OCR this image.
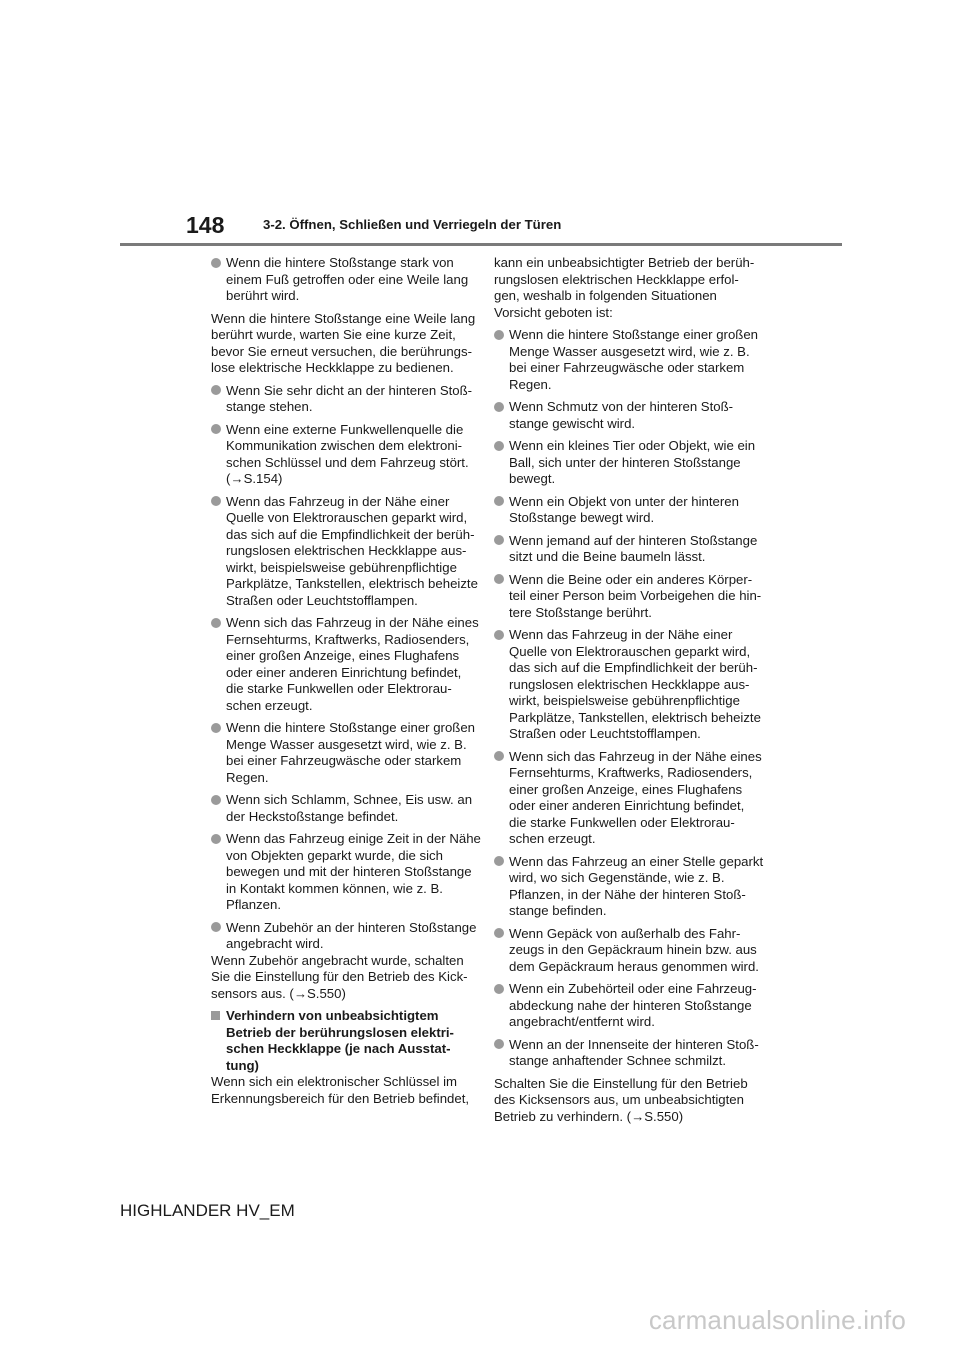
148	3-2. Öffnen, Schließen und Verriegeln der Türen

Wenn die hintere Stoßstange stark von einem Fuß getroffen oder eine Weile lang berührt wird.

Wenn die hintere Stoßstange eine Weile lang berührt wurde, warten Sie eine kurze Zeit, bevor Sie erneut versuchen, die berührungs-lose elektrische Heckklappe zu bedienen.

Wenn Sie sehr dicht an der hinteren Stoß-stange stehen.

Wenn eine externe Funkwellenquelle die Kommunikation zwischen dem elektroni-schen Schlüssel und dem Fahrzeug stört. (→S.154)

Wenn das Fahrzeug in der Nähe einer Quelle von Elektrorauschen geparkt wird, das sich auf die Empfindlichkeit der berüh-rungslosen elektrischen Heckklappe aus-wirkt, beispielsweise gebührenpflichtige Parkplätze, Tankstellen, elektrisch beheizte Straßen oder Leuchtstofflampen.

Wenn sich das Fahrzeug in der Nähe eines Fernsehturms, Kraftwerks, Radiosenders, einer großen Anzeige, eines Flughafens oder einer anderen Einrichtung befindet, die starke Funkwellen oder Elektrorau-schen erzeugt.

Wenn die hintere Stoßstange einer großen Menge Wasser ausgesetzt wird, wie z. B. bei einer Fahrzeugwäsche oder starkem Regen.

Wenn sich Schlamm, Schnee, Eis usw. an der Heckstoßstange befindet.

Wenn das Fahrzeug einige Zeit in der Nähe von Objekten geparkt wurde, die sich bewegen und mit der hinteren Stoßstange in Kontakt kommen können, wie z. B. Pflanzen.

Wenn Zubehör an der hinteren Stoßstange angebracht wird.

Wenn Zubehör angebracht wurde, schalten Sie die Einstellung für den Betrieb des Kick-sensors aus. (→S.550)

Verhindern von unbeabsichtigtem Betrieb der berührungslosen elektri-schen Heckklappe (je nach Ausstat-tung)

Wenn sich ein elektronischer Schlüssel im Erkennungsbereich für den Betrieb befindet,

kann ein unbeabsichtigter Betrieb der berüh-rungslosen elektrischen Heckklappe erfol-gen, weshalb in folgenden Situationen Vorsicht geboten ist:

Wenn die hintere Stoßstange einer großen Menge Wasser ausgesetzt wird, wie z. B. bei einer Fahrzeugwäsche oder starkem Regen.

Wenn Schmutz von der hinteren Stoß-stange gewischt wird.

Wenn ein kleines Tier oder Objekt, wie ein Ball, sich unter der hinteren Stoßstange bewegt.

Wenn ein Objekt von unter der hinteren Stoßstange bewegt wird.

Wenn jemand auf der hinteren Stoßstange sitzt und die Beine baumeln lässt.

Wenn die Beine oder ein anderes Körper-teil einer Person beim Vorbeigehen die hin-tere Stoßstange berührt.

Wenn das Fahrzeug in der Nähe einer Quelle von Elektrorauschen geparkt wird, das sich auf die Empfindlichkeit der berüh-rungslosen elektrischen Heckklappe aus-wirkt, beispielsweise gebührenpflichtige Parkplätze, Tankstellen, elektrisch beheizte Straßen oder Leuchtstofflampen.

Wenn sich das Fahrzeug in der Nähe eines Fernsehturms, Kraftwerks, Radiosenders, einer großen Anzeige, eines Flughafens oder einer anderen Einrichtung befindet, die starke Funkwellen oder Elektrorau-schen erzeugt.

Wenn das Fahrzeug an einer Stelle geparkt wird, wo sich Gegenstände, wie z. B. Pflanzen, in der Nähe der hinteren Stoß-stange befinden.

Wenn Gepäck von außerhalb des Fahr-zeugs in den Gepäckraum hinein bzw. aus dem Gepäckraum heraus genommen wird.

Wenn ein Zubehörteil oder eine Fahrzeug-abdeckung nahe der hinteren Stoßstange angebracht/entfernt wird.

Wenn an der Innenseite der hinteren Stoß-stange anhaftender Schnee schmilzt.

Schalten Sie die Einstellung für den Betrieb des Kicksensors aus, um unbeabsichtigten Betrieb zu verhindern. (→S.550)

HIGHLANDER HV_EM
carmanualsonline.info
